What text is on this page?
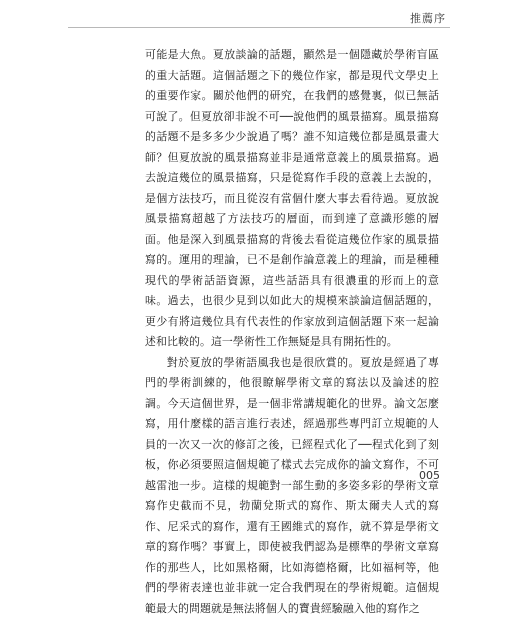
推薦序

可能是大魚。夏放談論的話題，顯然是一個隱藏於學術盲區的重大話題。這個話題之下的幾位作家，都是現代文學史上的重要作家。關於他們的研究，在我們的感覺裏，似已無話可說了。但夏放卻非說不可──說他們的風景描寫。風景描寫的話題不是多多少少說過了嗎？誰不知這幾位都是風景畫大師？但夏放說的風景描寫並非是通常意義上的風景描寫。過去說這幾位的風景描寫，只是從寫作手段的意義上去說的，是個方法技巧，而且從沒有當個什麼大事去看待過。夏放說風景描寫超越了方法技巧的層面，而到達了意識形態的層面。他是深入到風景描寫的背後去看從這幾位作家的風景描寫的。運用的理論，已不是創作論意義上的理論，而是種種現代的學術話語資源，這些話語具有很濃重的形而上的意味。過去，也很少見到以如此大的規模來談論這個話題的，更少有將這幾位具有代表性的作家放到這個話題下來一起論述和比較的。這一學術性工作無疑是具有開拓性的。

對於夏放的學術語風我也是很欣賞的。夏放是經過了專門的學術訓練的，他很瞭解學術文章的寫法以及論述的腔調。今天這個世界，是一個非常講規範化的世界。論文怎麼寫，用什麼樣的語言進行表述，經過那些專門訂立規範的人員的一次又一次的修訂之後，已經程式化了──程式化到了刻板，你必須要照這個規範了樣式去完成你的論文寫作，不可越雷池一步。這樣的規範對一部生動的多姿多彩的學術文章寫作史截而不見，勃蘭兌斯式的寫作、斯太爾夫人式的寫作、尼采式的寫作，還有王國維式的寫作，就不算是學術文章的寫作嗎？事實上，即使被我們認為是標準的學術文章寫作的那些人，比如黑格爾，比如海德格爾，比如福柯等，他們的學術表達也並非就一定合我們現在的學術規範。這個規範最大的問題就是無法將個人的寶貴經驗融入他的寫作之

005
